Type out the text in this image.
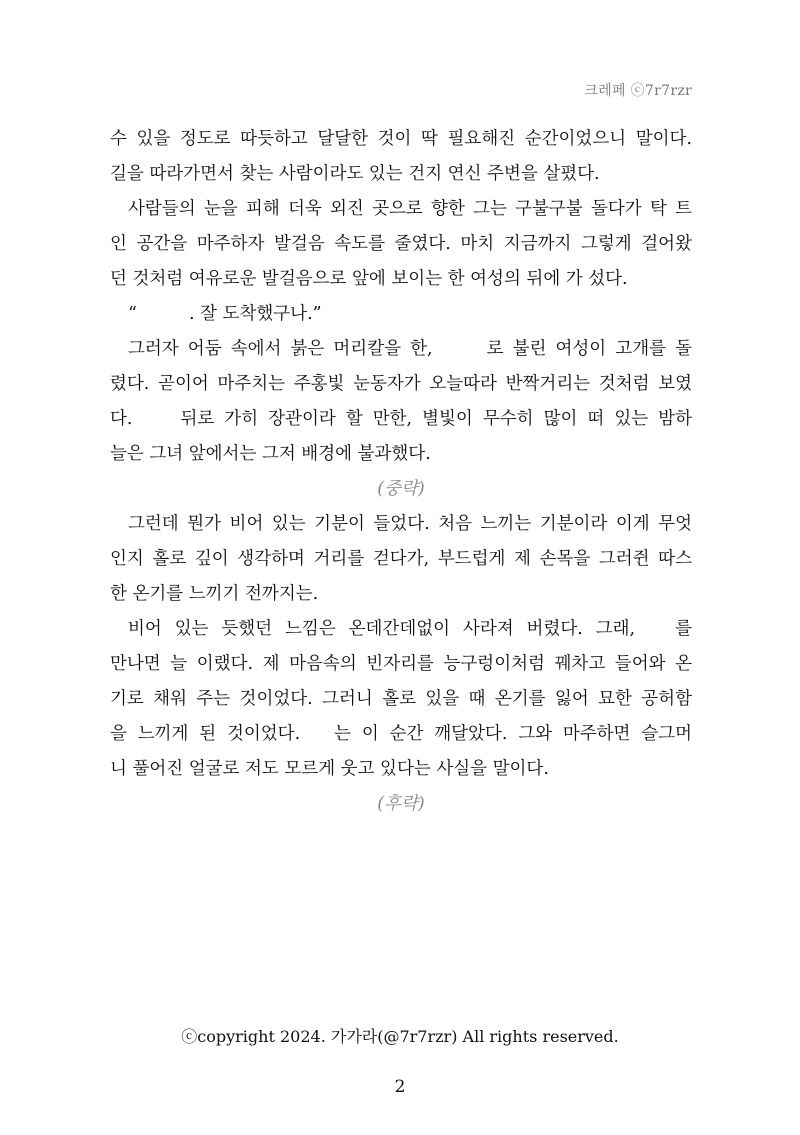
크레페 ⓒ7r7rzr
수 있을 정도로 따듯하고 달달한 것이 딱 필요해진 순간이었으니 말이다.
길을 따라가면서 찾는 사람이라도 있는 건지 연신 주변을 살폈다.
사람들의 눈을 피해 더욱 외진 곳으로 향한 그는 구불구불 돌다가 탁 트
인 공간을 마주하자 발걸음 속도를 줄였다. 마치 지금까지 그렇게 걸어왔
던 것처럼 여유로운 발걸음으로 앞에 보이는 한 여성의 뒤에 가 섰다.
“	. 잘 도착했구나.”
그러자 어둠 속에서 붉은 머리칼을 한,	로 불린 여성이 고개를 돌
렸다. 곧이어 마주치는 주홍빛 눈동자가 오늘따라 반짝거리는 것처럼 보였
다.	뒤로 가히 장관이라 할 만한, 별빛이 무수히 많이 떠 있는 밤하
늘은 그녀 앞에서는 그저 배경에 불과했다.
(중략)
그런데 뭔가 비어 있는 기분이 들었다. 처음 느끼는 기분이라 이게 무엇
인지 홀로 깊이 생각하며 거리를 걷다가, 부드럽게 제 손목을 그러쥔 따스
한 온기를 느끼기 전까지는.
비어 있는 듯했던 느낌은 온데간데없이 사라져 버렸다. 그래, 를
만나면 늘 이랬다. 제 마음속의 빈자리를 능구렁이처럼 꿰차고 들어와 온
기로 채워 주는 것이었다. 그러니 홀로 있을 때 온기를 잃어 묘한 공허함
을 느끼게 된 것이었다. 는 이 순간 깨달았다. 그와 마주하면 슬그머
니 풀어진 얼굴로 저도 모르게 웃고 있다는 사실을 말이다.
(후략)
ⓒcopyright 2024. 가가라(@7r7rzr) All rights reserved.
2
